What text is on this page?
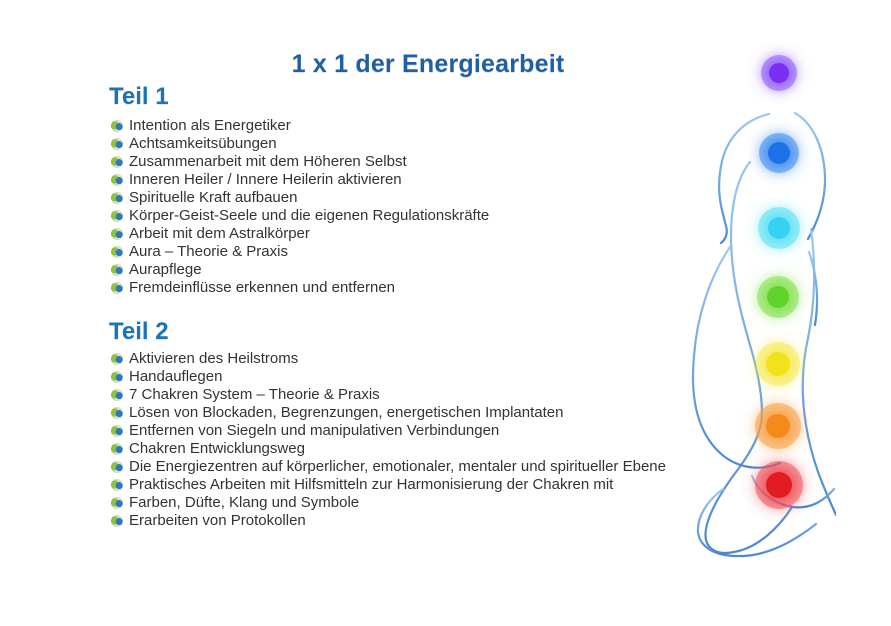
1 x 1 der Energiearbeit
Teil 1
Intention als Energetiker
Achtsamkeitsübungen
Zusammenarbeit mit dem Höheren Selbst
Inneren Heiler / Innere Heilerin aktivieren
Spirituelle Kraft aufbauen
Körper-Geist-Seele und die eigenen Regulationskräfte
Arbeit mit dem Astralkörper
Aura – Theorie & Praxis
Aurapflege
Fremdeinflüsse erkennen und entfernen
Teil 2
Aktivieren des Heilstroms
Handauflegen
7 Chakren System – Theorie & Praxis
Lösen von Blockaden, Begrenzungen, energetischen Implantaten
Entfernen von Siegeln und manipulativen Verbindungen
Chakren Entwicklungsweg
Die Energiezentren auf körperlicher, emotionaler, mentaler und spiritueller Ebene
Praktisches Arbeiten mit Hilfsmitteln zur Harmonisierung der Chakren mit
Farben, Düfte, Klang und Symbole
Erarbeiten von Protokollen
